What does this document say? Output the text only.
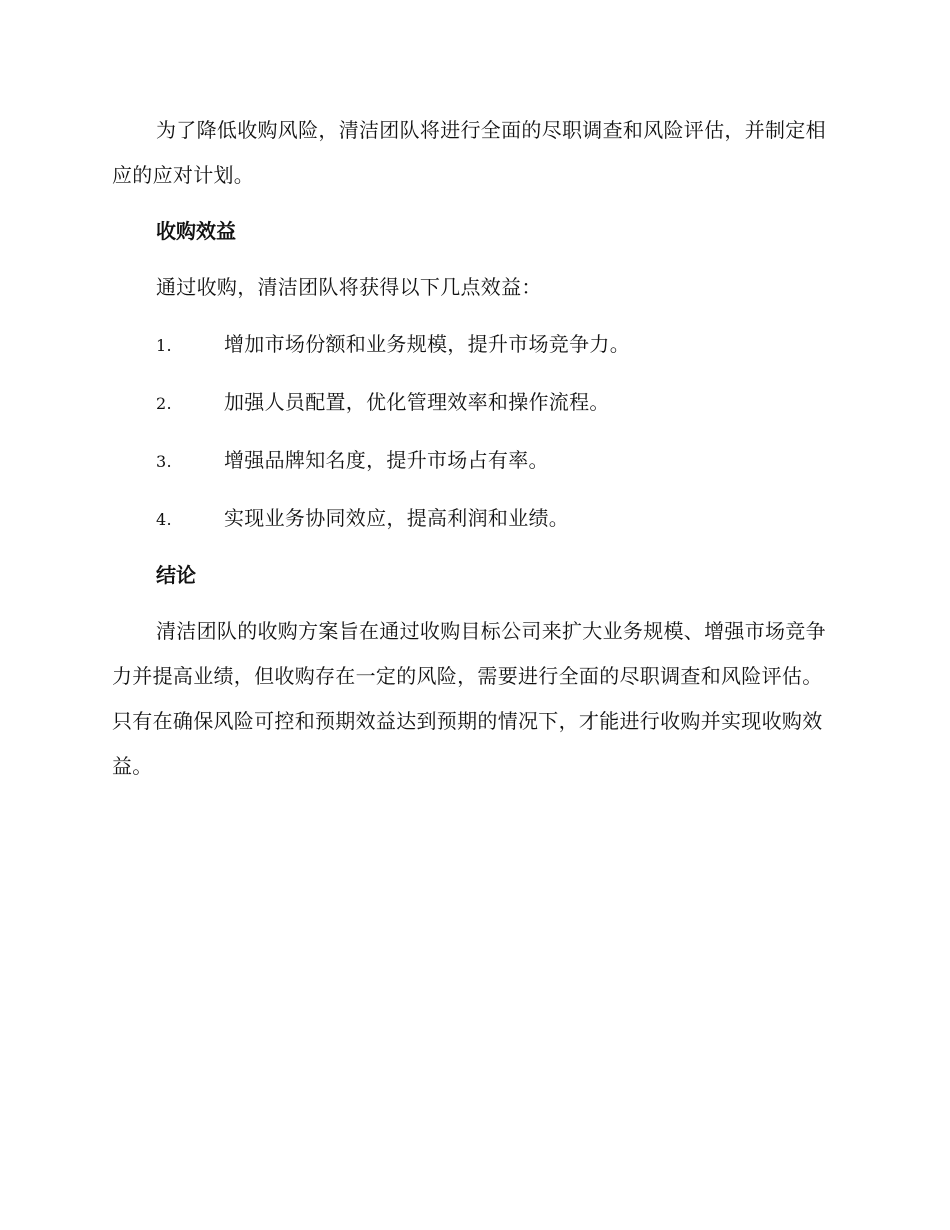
为了降低收购风险，清洁团队将进行全面的尽职调查和风险评估，并制定相应的应对计划。

收购效益
通过收购，清洁团队将获得以下几点效益：
1.	增加市场份额和业务规模，提升市场竞争力。
2.	加强人员配置，优化管理效率和操作流程。
3.	增强品牌知名度，提升市场占有率。
4.	实现业务协同效应，提高利润和业绩。
结论

清洁团队的收购方案旨在通过收购目标公司来扩大业务规模、增强市场竞争力并提高业绩，但收购存在一定的风险，需要进行全面的尽职调查和风险评估。只有在确保风险可控和预期效益达到预期的情况下，才能进行收购并实现收购效益。
